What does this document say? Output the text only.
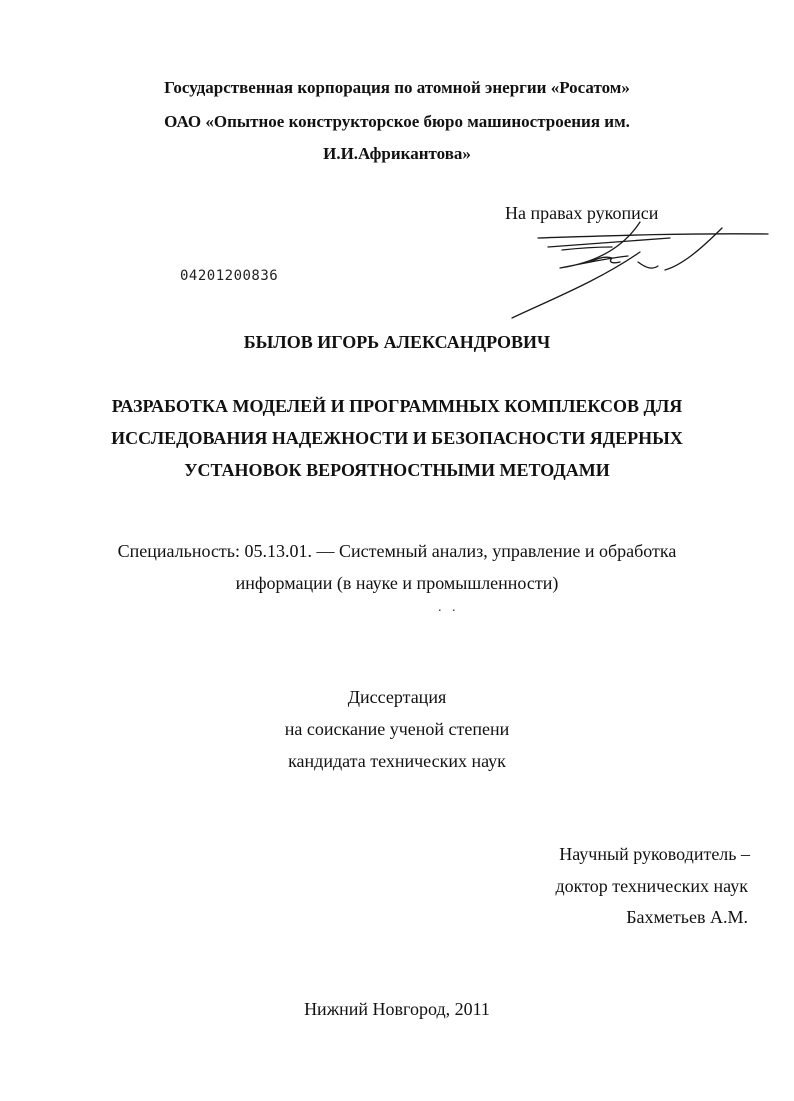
Государственная корпорация по атомной энергии «Росатом»
ОАО «Опытное конструкторское бюро машиностроения им.
И.И.Африкантова»
На правах рукописи
04201200836
БЫЛОВ ИГОРЬ АЛЕКСАНДРОВИЧ
РАЗРАБОТКА МОДЕЛЕЙ И ПРОГРАММНЫХ КОМПЛЕКСОВ ДЛЯ
ИССЛЕДОВАНИЯ НАДЕЖНОСТИ И БЕЗОПАСНОСТИ ЯДЕРНЫХ
УСТАНОВОК ВЕРОЯТНОСТНЫМИ МЕТОДАМИ
Специальность: 05.13.01. — Системный анализ, управление и обработка
информации (в науке и промышленности)
.   .
Диссертация
на соискание ученой степени
кандидата технических наук
Научный руководитель –
доктор технических наук
Бахметьев А.М.
Нижний Новгород, 2011
